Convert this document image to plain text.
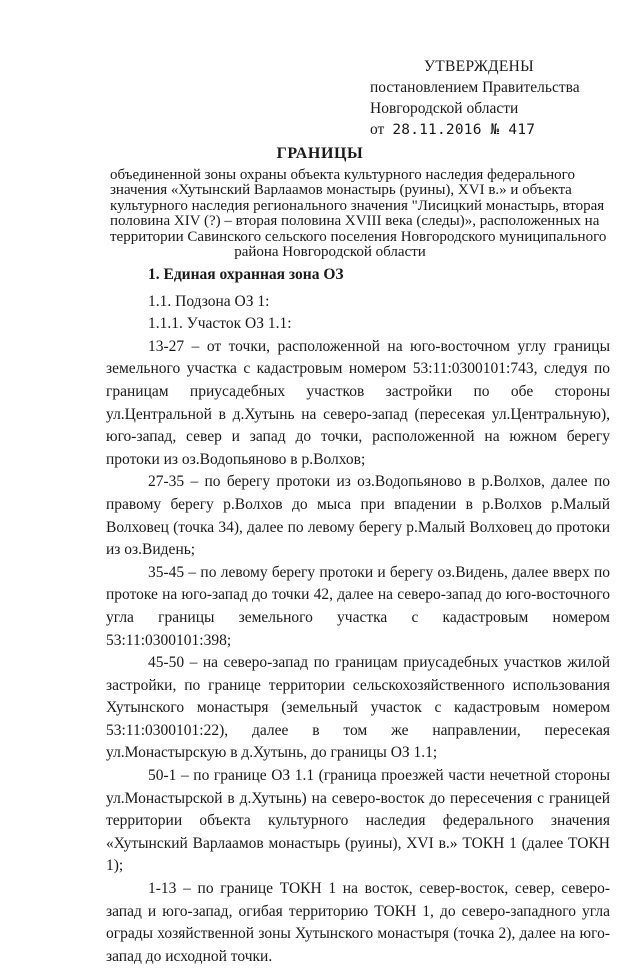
УТВЕРЖДЕНЫ
постановлением Правительства
Новгородской области
от 28.11.2016 № 417
ГРАНИЦЫ
объединенной зоны охраны объекта культурного наследия федерального
значения «Хутынский Варлаамов монастырь (руины), XVI в.» и объекта
культурного наследия регионального значения "Лисицкий монастырь, вторая
половина XIV (?) – вторая половина XVIII века (следы)», расположенных на
территории Савинского сельского поселения Новгородского муниципального
района Новгородской области
1. Единая охранная зона ОЗ
1.1. Подзона ОЗ 1:
1.1.1. Участок ОЗ 1.1:

13-27 – от точки, расположенной на юго-восточном углу границы земельного участка с кадастровым номером 53:11:0300101:743, следуя по границам приусадебных участков застройки по обе стороны ул.Центральной в д.Хутынь на северо-запад (пересекая ул.Центральную), юго-запад, север и запад до точки, расположенной на южном берегу протоки из оз.Водопьяново в р.Волхов;

27-35 – по берегу протоки из оз.Водопьяново в р.Волхов, далее по правому берегу р.Волхов до мыса при впадении в р.Волхов р.Малый Волховец (точка 34), далее по левому берегу р.Малый Волховец до протоки из оз.Видень;

35-45 – по левому берегу протоки и берегу оз.Видень, далее вверх по протоке на юго-запад до точки 42, далее на северо-запад до юго-восточного угла границы земельного участка с кадастровым номером 53:11:0300101:398;

45-50 – на северо-запад по границам приусадебных участков жилой застройки, по границе территории сельскохозяйственного использования Хутынского монастыря (земельный участок с кадастровым номером 53:11:0300101:22), далее в том же направлении, пересекая ул.Монастырскую в д.Хутынь, до границы ОЗ 1.1;

50-1 – по границе ОЗ 1.1 (граница проезжей части нечетной стороны ул.Монастырской в д.Хутынь) на северо-восток до пересечения с границей территории объекта культурного наследия федерального значения «Хутынский Варлаамов монастырь (руины), XVI в.» ТОКН 1 (далее ТОКН 1);

1-13 – по границе ТОКН 1 на восток, север-восток, север, северо-запад и юго-запад, огибая территорию ТОКН 1, до северо-западного угла ограды хозяйственной зоны Хутынского монастыря (точка 2), далее на юго-запад до исходной точки.
